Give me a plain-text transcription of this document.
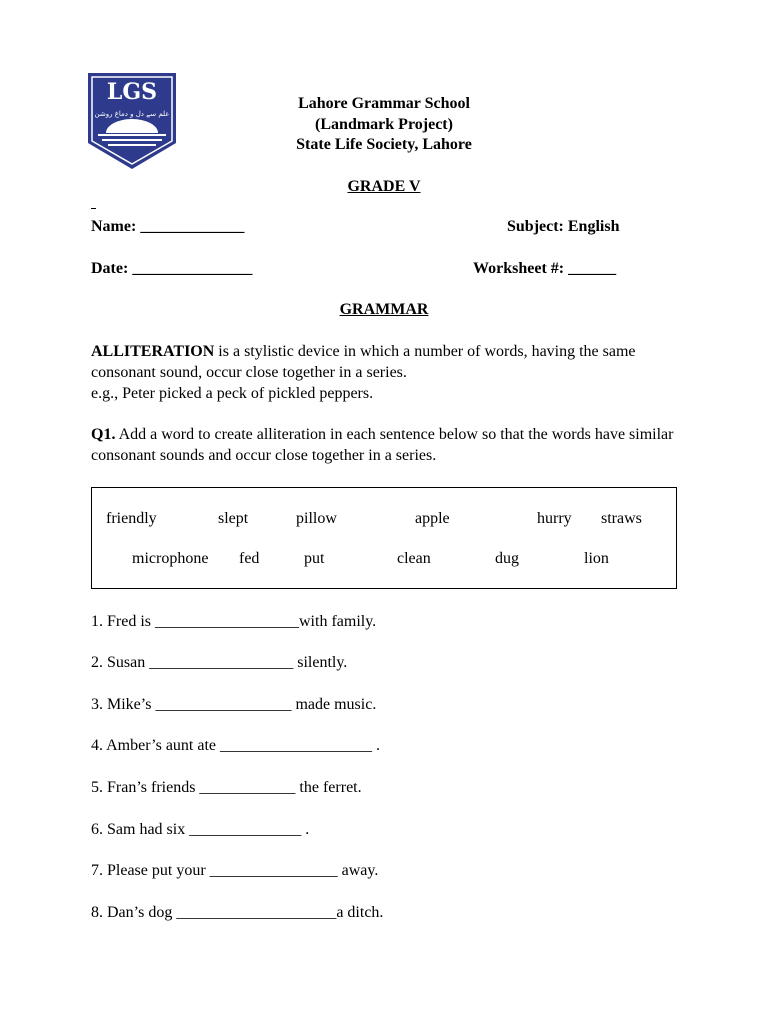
LGS
علم سے دل و دماغ روشن
Lahore Grammar School
(Landmark Project)
State Life Society, Lahore
GRADE V
Name: _____________	Subject: English
Date: _______________	Worksheet #: ______
GRAMMAR
ALLITERATION is a stylistic device in which a number of words, having the same consonant sound, occur close together in a series.
e.g., Peter picked a peck of pickled peppers.
Q1. Add a word to create alliteration in each sentence below so that the words have similar consonant sounds and occur close together in a series.
friendly	slept	pillow	apple	hurry straws
microphone fed	put	clean	dug	lion
1. Fred is __________________with family.
2. Susan __________________ silently.
3. Mike’s _________________ made music.
4. Amber’s aunt ate ___________________ .
5. Fran’s friends ____________ the ferret.
6. Sam had six ______________ .
7. Please put your ________________ away.
8. Dan’s dog ____________________a ditch.
